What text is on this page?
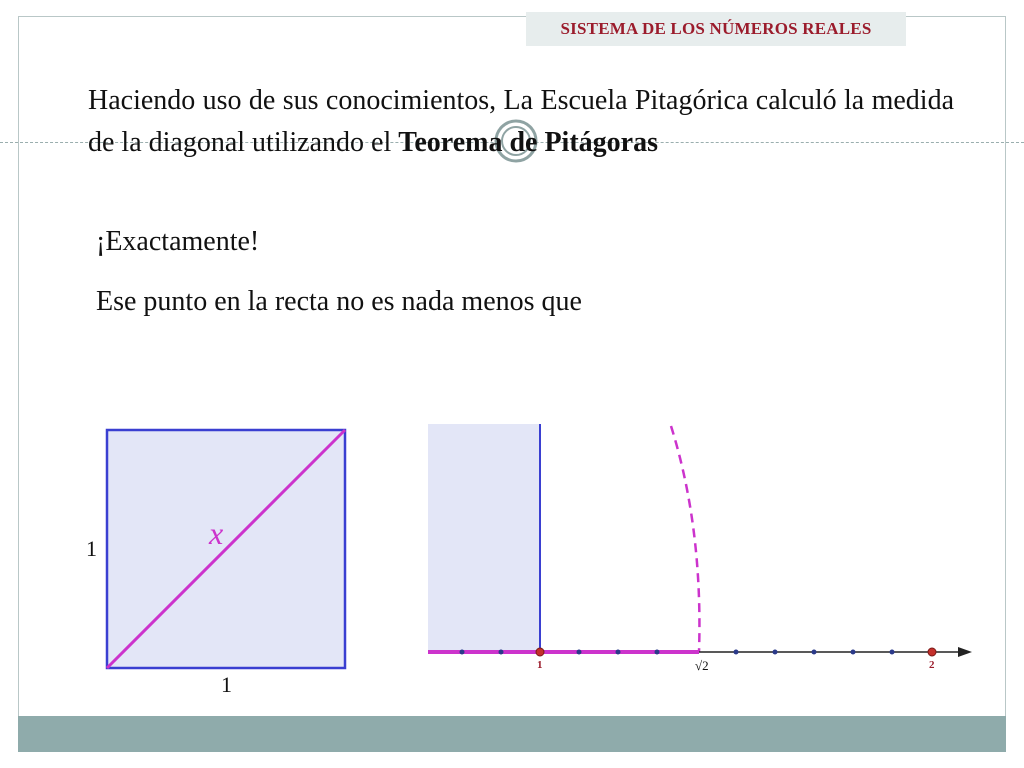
SISTEMA DE LOS NÚMEROS REALES

Haciendo uso de sus conocimientos, La Escuela Pitagórica calculó la medida de la diagonal utilizando el Teorema de Pitágoras

¡Exactamente!

Ese punto en la recta no es nada menos que

x
1
1
1	√2	2
